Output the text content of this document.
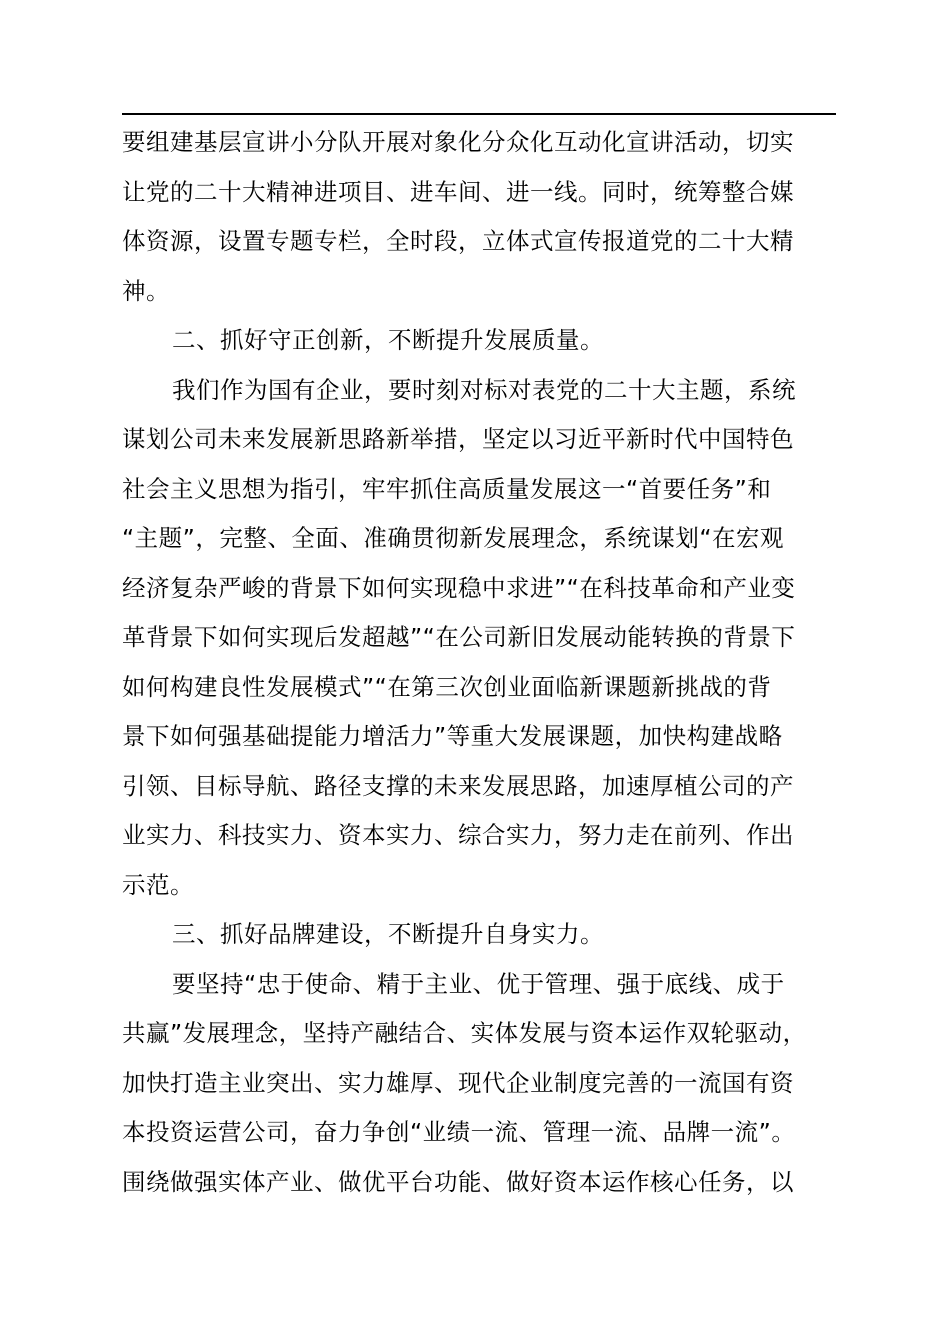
要组建基层宣讲小分队开展对象化分众化互动化宣讲活动，切实
让党的二十大精神进项目、进车间、进一线。同时，统筹整合媒
体资源，设置专题专栏，全时段，立体式宣传报道党的二十大精
神。
二、抓好守正创新，不断提升发展质量。
我们作为国有企业，要时刻对标对表党的二十大主题，系统
谋划公司未来发展新思路新举措，坚定以习近平新时代中国特色
社会主义思想为指引，牢牢抓住高质量发展这一“首要任务”和
“主题”，完整、全面、准确贯彻新发展理念，系统谋划“在宏观
经济复杂严峻的背景下如何实现稳中求进”“在科技革命和产业变
革背景下如何实现后发超越”“在公司新旧发展动能转换的背景下
如何构建良性发展模式”“在第三次创业面临新课题新挑战的背
景下如何强基础提能力增活力”等重大发展课题，加快构建战略
引领、目标导航、路径支撑的未来发展思路，加速厚植公司的产
业实力、科技实力、资本实力、综合实力，努力走在前列、作出
示范。
三、抓好品牌建设，不断提升自身实力。
要坚持“忠于使命、精于主业、优于管理、强于底线、成于
共赢”发展理念，坚持产融结合、实体发展与资本运作双轮驱动，
加快打造主业突出、实力雄厚、现代企业制度完善的一流国有资
本投资运营公司，奋力争创“业绩一流、管理一流、品牌一流”。
围绕做强实体产业、做优平台功能、做好资本运作核心任务，以
